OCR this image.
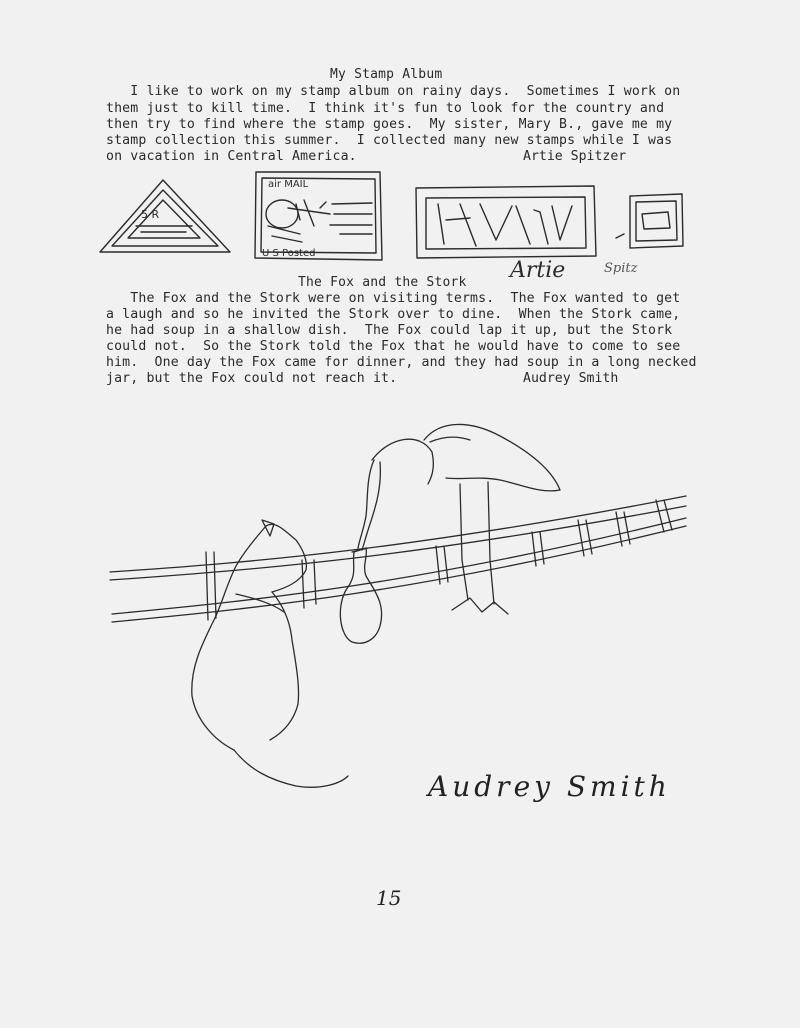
My Stamp Album
I like to work on my stamp album on rainy days.  Sometimes I work on
them just to kill time.  I think it's fun to look for the country and
then try to find where the stamp goes.  My sister, Mary B., gave me my
stamp collection this summer.  I collected many new stamps while I was
on vacation in Central America.	Artie Spitzer
5 R
air MAIL
U S Posted
Artie	Spitz
The Fox and the Stork
The Fox and the Stork were on visiting terms.  The Fox wanted to get
a laugh and so he invited the Stork over to dine.  When the Stork came,
he had soup in a shallow dish.  The Fox could lap it up, but the Stork
could not.  So the Stork told the Fox that he would have to come to see
him.  One day the Fox came for dinner, and they had soup in a long necked
jar, but the Fox could not reach it.	Audrey Smith
Audrey Smith
15
